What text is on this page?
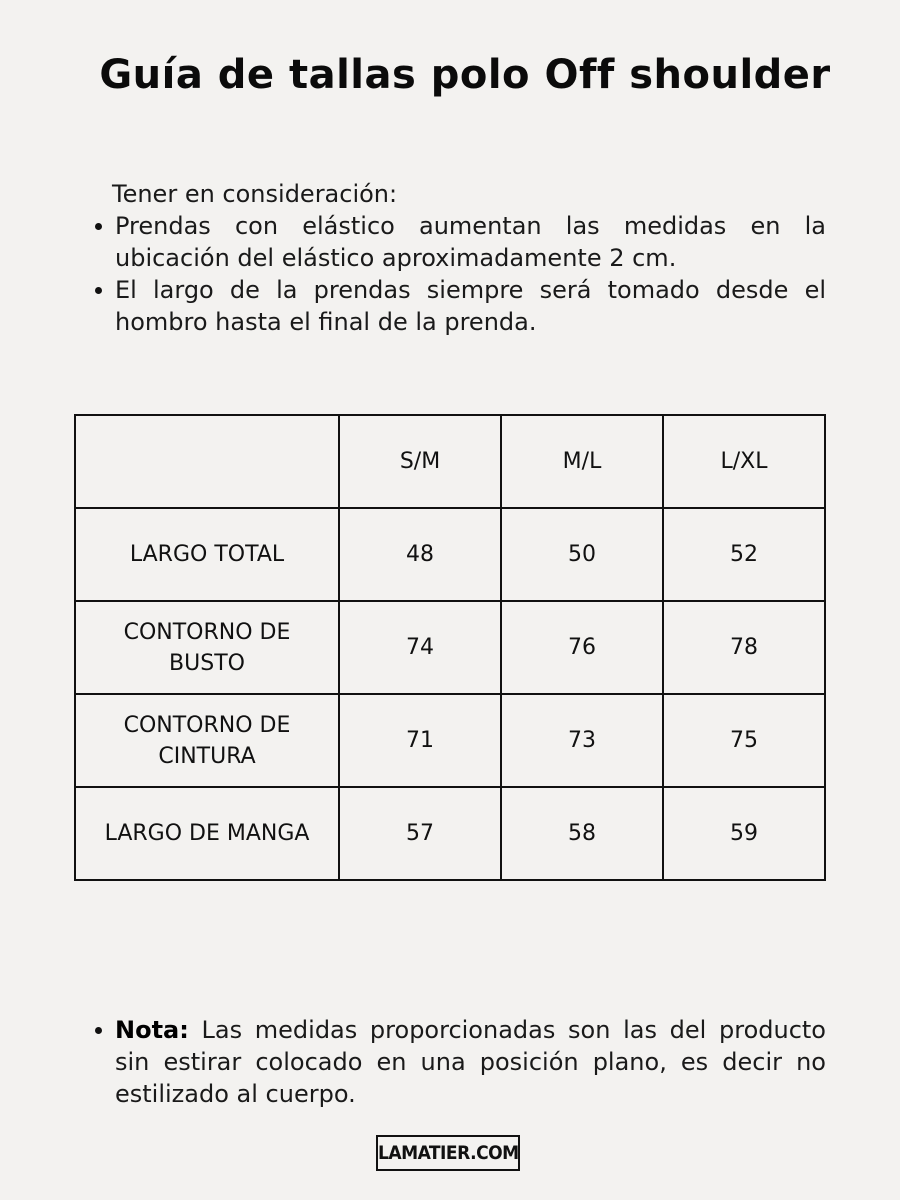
Guía de tallas polo Off shoulder
Tener en consideración:
Prendas con elástico aumentan las medidas en la ubicación del elástico aproximadamente 2 cm.
El largo de la prendas siempre será tomado desde el hombro hasta el final de la prenda.
	S/M	M/L	L/XL
LARGO TOTAL	48	50	52
CONTORNO DE BUSTO	74	76	78
CONTORNO DE CINTURA	71	73	75
LARGO DE MANGA	57	58	59
Nota: Las medidas proporcionadas son las del producto sin estirar colocado en una posición plano, es decir no estilizado al cuerpo.
LAMATIER.COM
